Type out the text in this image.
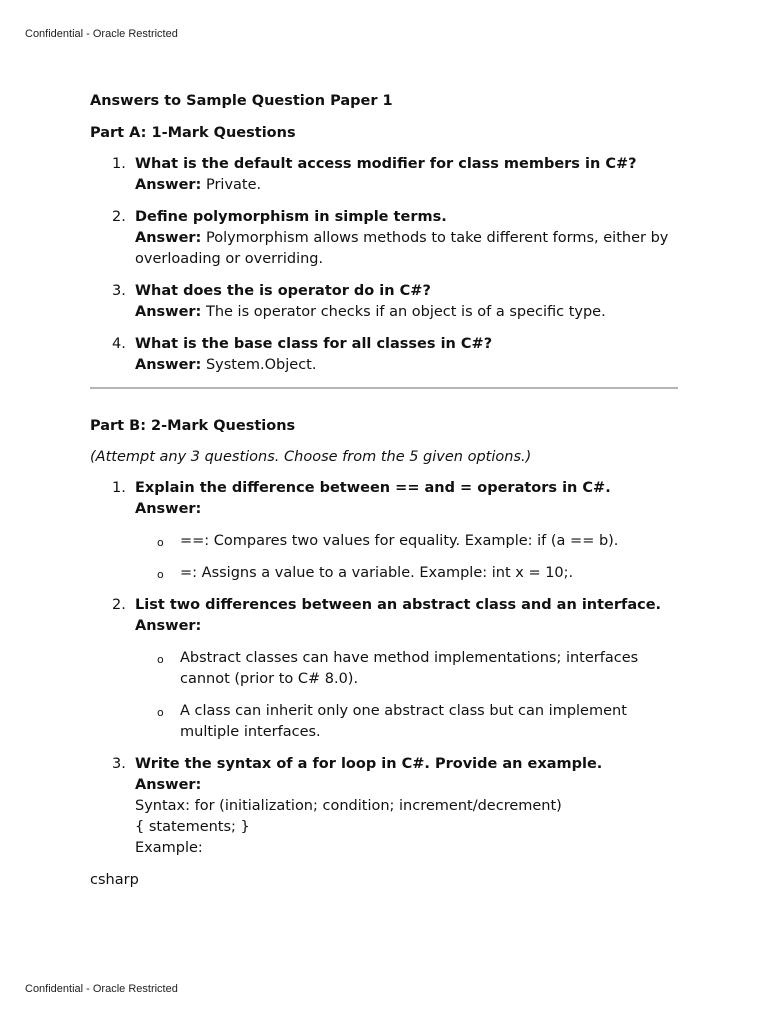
Confidential - Oracle Restricted
Answers to Sample Question Paper 1
Part A: 1-Mark Questions
1. What is the default access modifier for class members in C#?
Answer: Private.
2. Define polymorphism in simple terms.
Answer: Polymorphism allows methods to take different forms, either by overloading or overriding.
3. What does the is operator do in C#?
Answer: The is operator checks if an object is of a specific type.
4. What is the base class for all classes in C#?
Answer: System.Object.
Part B: 2-Mark Questions

(Attempt any 3 questions. Choose from the 5 given options.)

1. Explain the difference between == and = operators in C#.
Answer:
o ==: Compares two values for equality. Example: if (a == b).
o =: Assigns a value to a variable. Example: int x = 10;.
2. List two differences between an abstract class and an interface.
Answer:
o Abstract classes can have method implementations; interfaces cannot (prior to C# 8.0).
o A class can inherit only one abstract class but can implement multiple interfaces.
3. Write the syntax of a for loop in C#. Provide an example.
Answer:
Syntax: for (initialization; condition; increment/decrement)
{ statements; }
Example:

csharp

Confidential - Oracle Restricted
